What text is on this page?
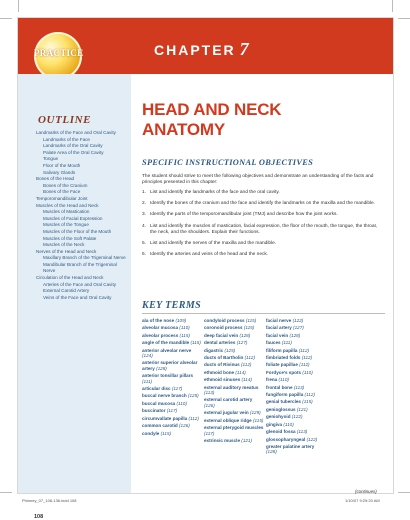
CHAPTER 7
PRACTICE
OUTLINE
Landmarks of the Face and Oral Cavity
Landmarks of the Face
Landmarks of the Oral Cavity
Palate Area of the Oral Cavity
Tongue
Floor of the Mouth
Salivary Glands
Bones of the Head
Bones of the Cranium
Bones of the Face
Temporomandibular Joint
Muscles of the Head and Neck
Muscles of Mastication
Muscles of Facial Expression
Muscles of the Tongue
Muscles of the Floor of the Mouth
Muscles of the Soft Palate
Muscles of the Neck
Nerves of the Head and Neck
Maxillary Branch of the Trigeminal Nerve
Mandibular Branch of the Trigeminal Nerve
Circulation of the Head and Neck
Arteries of the Face and Oral Cavity
External Carotid Artery
Veins of the Face and Oral Cavity
108
HEAD AND NECK
ANATOMY
SPECIFIC INSTRUCTIONAL OBJECTIVES

The student should strive to meet the following objectives and demonstrate an understanding of the facts and principles presented in this chapter:

1. List and identify the landmarks of the face and the oral cavity.
2. Identify the bones of the cranium and the face and identify the landmarks on the maxilla and the mandible.
3. Identify the parts of the temporomandibular joint (TMJ) and describe how the joint works.
4. List and identify the muscles of mastication, facial expression, the floor of the mouth, the tongue, the throat, the neck, and the shoulders. Explain their functions.
5. List and identify the nerves of the maxilla and the mandible.
6. Identify the arteries and veins of the head and the neck.
KEY TERMS
ala of the nose (109)
alveolar mucosa (110)
alveolar process (115)
angle of the mandible (115)
anterior alveolar nerve (124)
anterior superior alveolar artery (128)
anterior tonsillar pillars (111)
articular disc (117)
buccal nerve branch (125)
buccal mucosa (110)
buccinator (117)
circumvallate papilla (112)
common carotid (126)
condyle (115)
condyloid process (115)
coronoid process (115)
deep facial vein (128)
dental arteries (127)
digastric (125)
ducts of Bartholin (112)
ducts of Rivinus (112)
ethmoid bone (114)
ethmoid sinuses (114)
external auditory meatus (113)
external carotid artery (126)
external jugular vein (129)
external oblique ridge (115)
external pterygoid muscles (117)
extrinsic muscle (121)
facial nerve (122)
facial artery (127)
facial vein (128)
fauces (111)
filiform papilla (112)
fimbriated folds (112)
foliate papillae (112)
Fordyce’s spots (110)
frena (110)
frontal bone (113)
fungiform papilla (112)
genial tubercles (115)
genioglossus (121)
geniohyoid (122)
gingiva (110)
glenoid fossa (113)
glossopharyngeal (122)
greater palatine artery (128)
(continues)
Phinney_07_108-136.indd 108	1/10/07 9:29:20 AM
